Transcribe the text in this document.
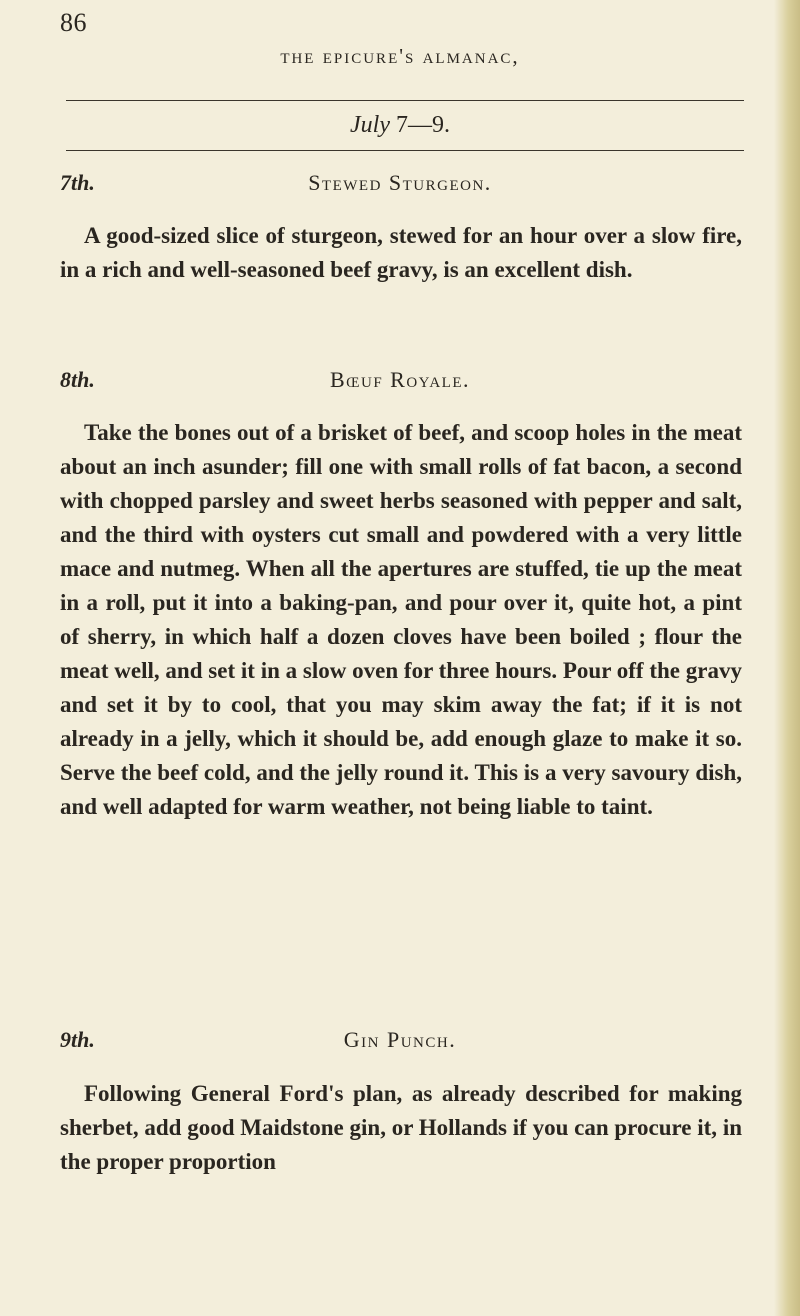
86
the epicure's almanac,
July 7—9.
7th.	Stewed Sturgeon.
A good-sized slice of sturgeon, stewed for an hour over a slow fire, in a rich and well-seasoned beef gravy, is an excellent dish.
8th.	Bœuf Royale.
Take the bones out of a brisket of beef, and scoop holes in the meat about an inch asunder; fill one with small rolls of fat bacon, a second with chopped parsley and sweet herbs seasoned with pepper and salt, and the third with oysters cut small and powdered with a very little mace and nutmeg. When all the apertures are stuffed, tie up the meat in a roll, put it into a baking-pan, and pour over it, quite hot, a pint of sherry, in which half a dozen cloves have been boiled ; flour the meat well, and set it in a slow oven for three hours. Pour off the gravy and set it by to cool, that you may skim away the fat; if it is not already in a jelly, which it should be, add enough glaze to make it so. Serve the beef cold, and the jelly round it. This is a very savoury dish, and well adapted for warm weather, not being liable to taint.
9th.	Gin Punch.
Following General Ford's plan, as already described for making sherbet, add good Maidstone gin, or Hollands if you can procure it, in the proper proportion
